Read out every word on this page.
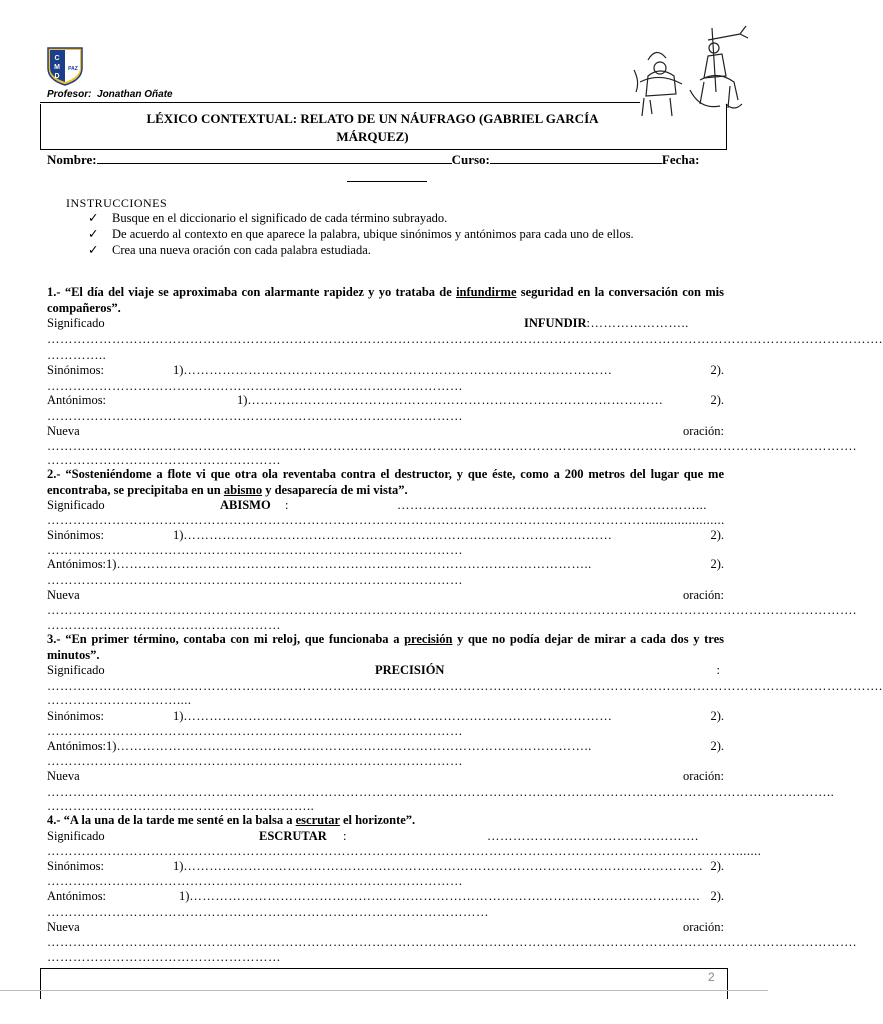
C
M
D
PAZ
Profesor: Jonathan Oñate
LÉXICO CONTEXTUAL: RELATO DE UN NÁUFRAGO (GABRIEL GARCÍA
MÁRQUEZ)
Nombre:	Curso:	Fecha:
INSTRUCCIONES
✓ Busque en el diccionario el significado de cada término subrayado.
✓ De acuerdo al contexto en que aparece la palabra, ubique sinónimos y antónimos para cada uno de ellos.
✓ Crea una nueva oración con cada palabra estudiada.
1.- “El día del viaje se aproximaba con alarmante rapidez y yo trataba de infundirme seguridad en la conversación con mis compañeros”.
Significado	INFUNDIR:…………………..
………………………………………………………………………………………………………………………………………………………………………….
…………..
Sinónimos:	1)………………………………………………………………………………………	2).
……………………………………………………………………………………
Antónimos:	1)……………………………………………………………………………………	2).
……………………………………………………………………………………
Nueva	oración:
…………………………………………………………………………………………………………………………………………………………………….
………………………………………………
2.- “Sosteniéndome a flote vi que otra ola reventaba contra el destructor, y que éste, como a 200 metros del lugar que me encontraba, se precipitaba en un abismo y desaparecía de mi vista”.
Significado	ABISMO :	……………………………………………………………...
…………………………………………………………………………………………………………………………......................
Sinónimos:	1)………………………………………………………………………………………	2).
……………………………………………………………………………………
Antónimos:1)………………………………………………………………………………………………..	2).
……………………………………………………………………………………
Nueva	oración:
…………………………………………………………………………………………………………………………………………………………………….
………………………………………………
3.- “En primer término, contaba con mi reloj, que funcionaba a precisión y que no podía dejar de mirar a cada dos y tres minutos”.
Significado	PRECISIÓN	:
………………………………………………………………………………………………………………………………………………………………………….
…………………………....
Sinónimos:	1)………………………………………………………………………………………	2).
……………………………………………………………………………………
Antónimos:1)………………………………………………………………………………………………..	2).
……………………………………………………………………………………
Nueva	oración:
………………………………………………………………………………………………………………………………………………………………..
……………………………………………………..
4.- “A la una de la tarde me senté en la balsa a escrutar el horizonte”.
Significado	ESCRUTAR :	………………………………………….
…………………………………………………………………………………………………………………………………………….......
Sinónimos:	1)………………………………………………………………………………………………………… 2).
……………………………………………………………………………………
Antónimos:	1)………………………………………………………………………………………………………. 2).
…………………………………………………………………………………………
Nueva	oración:
…………………………………………………………………………………………………………………………………………………………………….
………………………………………………
2
